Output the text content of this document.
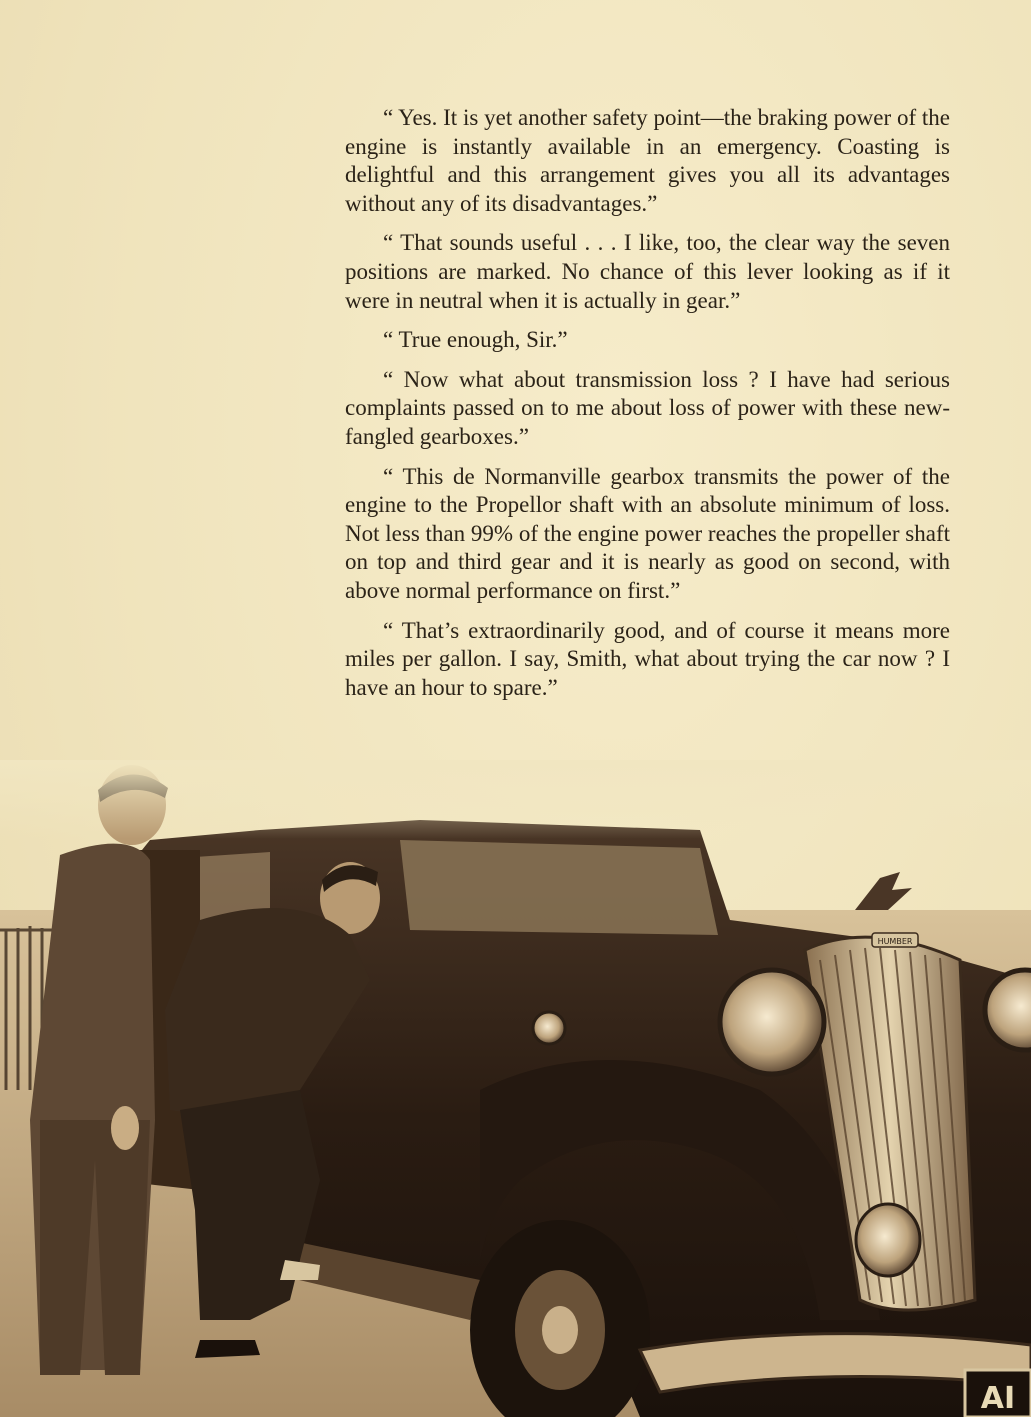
“ Yes. It is yet another safety point—the braking power of the engine is instantly available in an emergency. Coasting is delightful and this arrangement gives you all its advantages without any of its disadvantages.”

“ That sounds useful . . . I like, too, the clear way the seven positions are marked. No chance of this lever looking as if it were in neutral when it is actually in gear.”

“ True enough, Sir.”

“ Now what about transmission loss ? I have had serious complaints passed on to me about loss of power with these new-fangled gearboxes.”

“ This de Normanville gearbox transmits the power of the engine to the Propellor shaft with an absolute minimum of loss. Not less than 99% of the engine power reaches the propeller shaft on top and third gear and it is nearly as good on second, with above normal performance on first.”

“ That’s extraordinarily good, and of course it means more miles per gallon. I say, Smith, what about trying the car now ? I have an hour to spare.”
